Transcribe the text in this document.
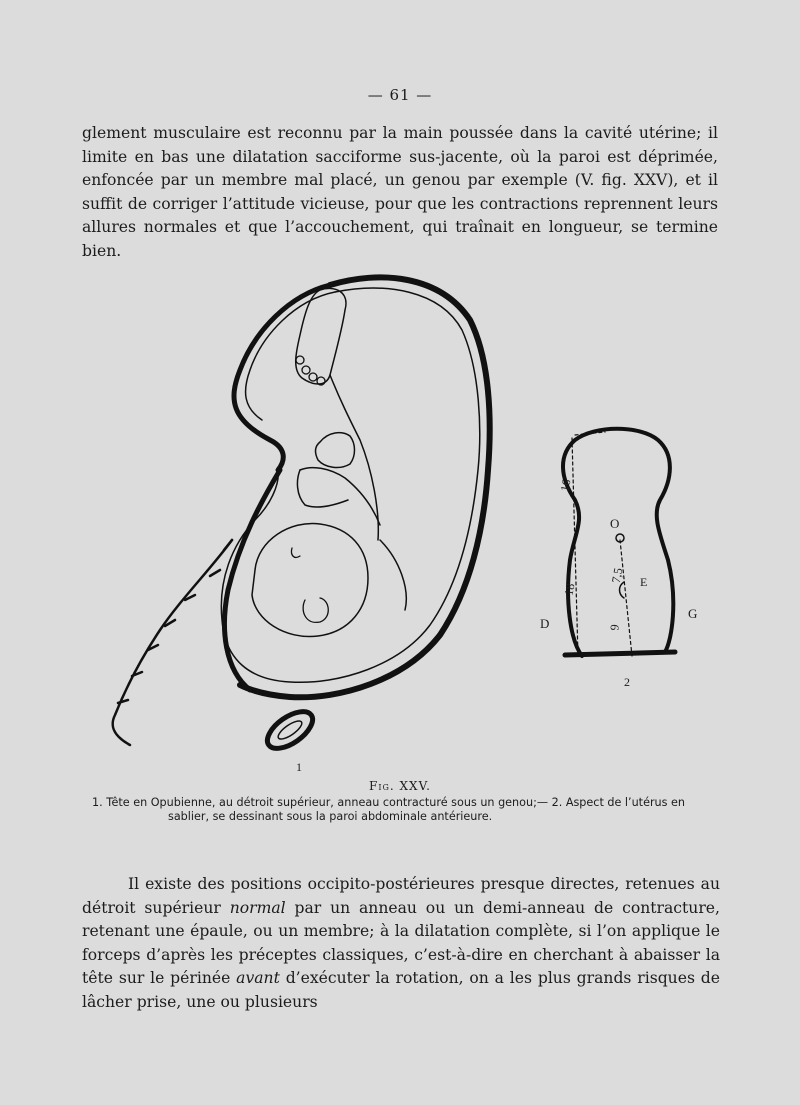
— 61 —
glement musculaire est reconnu par la main poussée dans la cavité utérine; il limite en bas une dilatation sacciforme sus-jacente, où la paroi est déprimée, enfoncée par un membre mal placé, un genou par exemple (V. fig. XXV), et il suffit de corriger l’attitude vicieuse, pour que les contractions reprennent leurs allures normales et que l’accouchement, qui traînait en longueur, se termine bien.
1
2
16
18
9
7,5
O
E
D
G
Fig. XXV.
1. Tête en Opubienne, au détroit supérieur, anneau contracturé sous un genou;— 2. Aspect de l’utérus en
sablier, se dessinant sous la paroi abdominale antérieure.
Il existe des positions occipito-postérieures presque directes, retenues au détroit supérieur normal par un anneau ou un demi-anneau de contracture, retenant une épaule, ou un membre; à la dilatation complète, si l’on applique le forceps d’après les préceptes classiques, c’est-à-dire en cherchant à abaisser la tête sur le périnée avant d’exécuter la rotation, on a les plus grands risques de lâcher prise, une ou plusieurs
